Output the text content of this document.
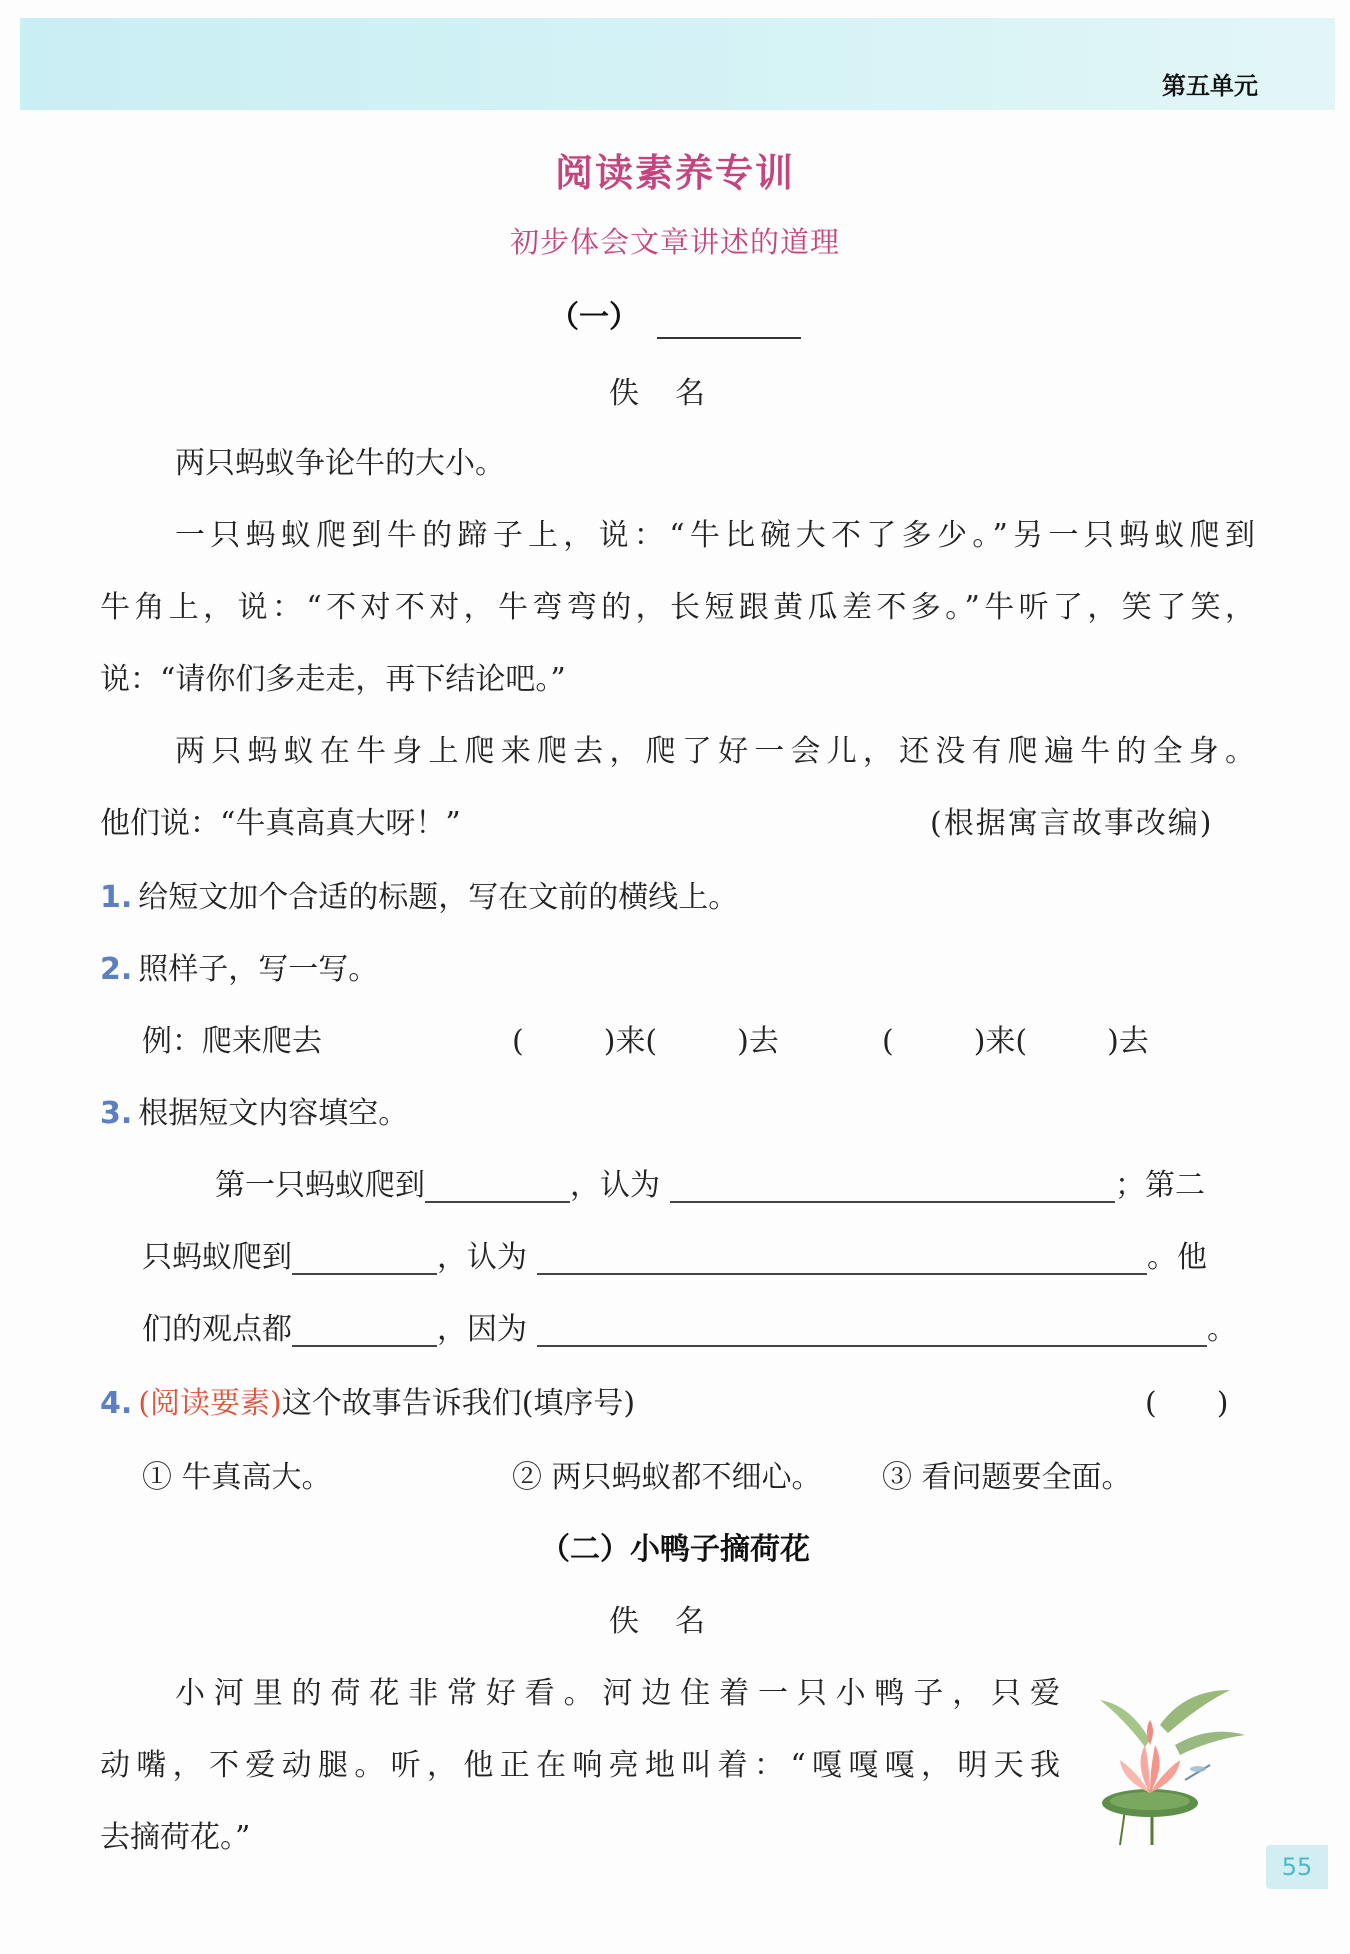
第五单元
阅读素养专训
初步体会文章讲述的道理
（一）
佚名
两只蚂蚁争论牛的大小。
一只蚂蚁爬到牛的蹄子上，说：“牛比碗大不了多少。”另一只蚂蚁爬到
牛角上，说：“不对不对，牛弯弯的，长短跟黄瓜差不多。”牛听了，笑了笑，
说：“请你们多走走，再下结论吧。”
两只蚂蚁在牛身上爬来爬去，爬了好一会儿，还没有爬遍牛的全身。
他们说：“牛真高真大呀！”	(根据寓言故事改编)
1. 给短文加个合适的标题，写在文前的横线上。
2. 照样子，写一写。
例：爬来爬去	(	)来(	)去	(	)来(	)去
3. 根据短文内容填空。
第一只蚂蚁爬到	，认为	；第二
只蚂蚁爬到	，认为	。他
们的观点都	，因为	。
4. (阅读要素)这个故事告诉我们(填序号)	(　　)
① 牛真高大。	② 两只蚂蚁都不细心。 ③ 看问题要全面。
（二）小鸭子摘荷花
佚名
小河里的荷花非常好看。河边住着一只小鸭子，只爱
动嘴，不爱动腿。听，他正在响亮地叫着：“嘎嘎嘎，明天我
去摘荷花。”
55
